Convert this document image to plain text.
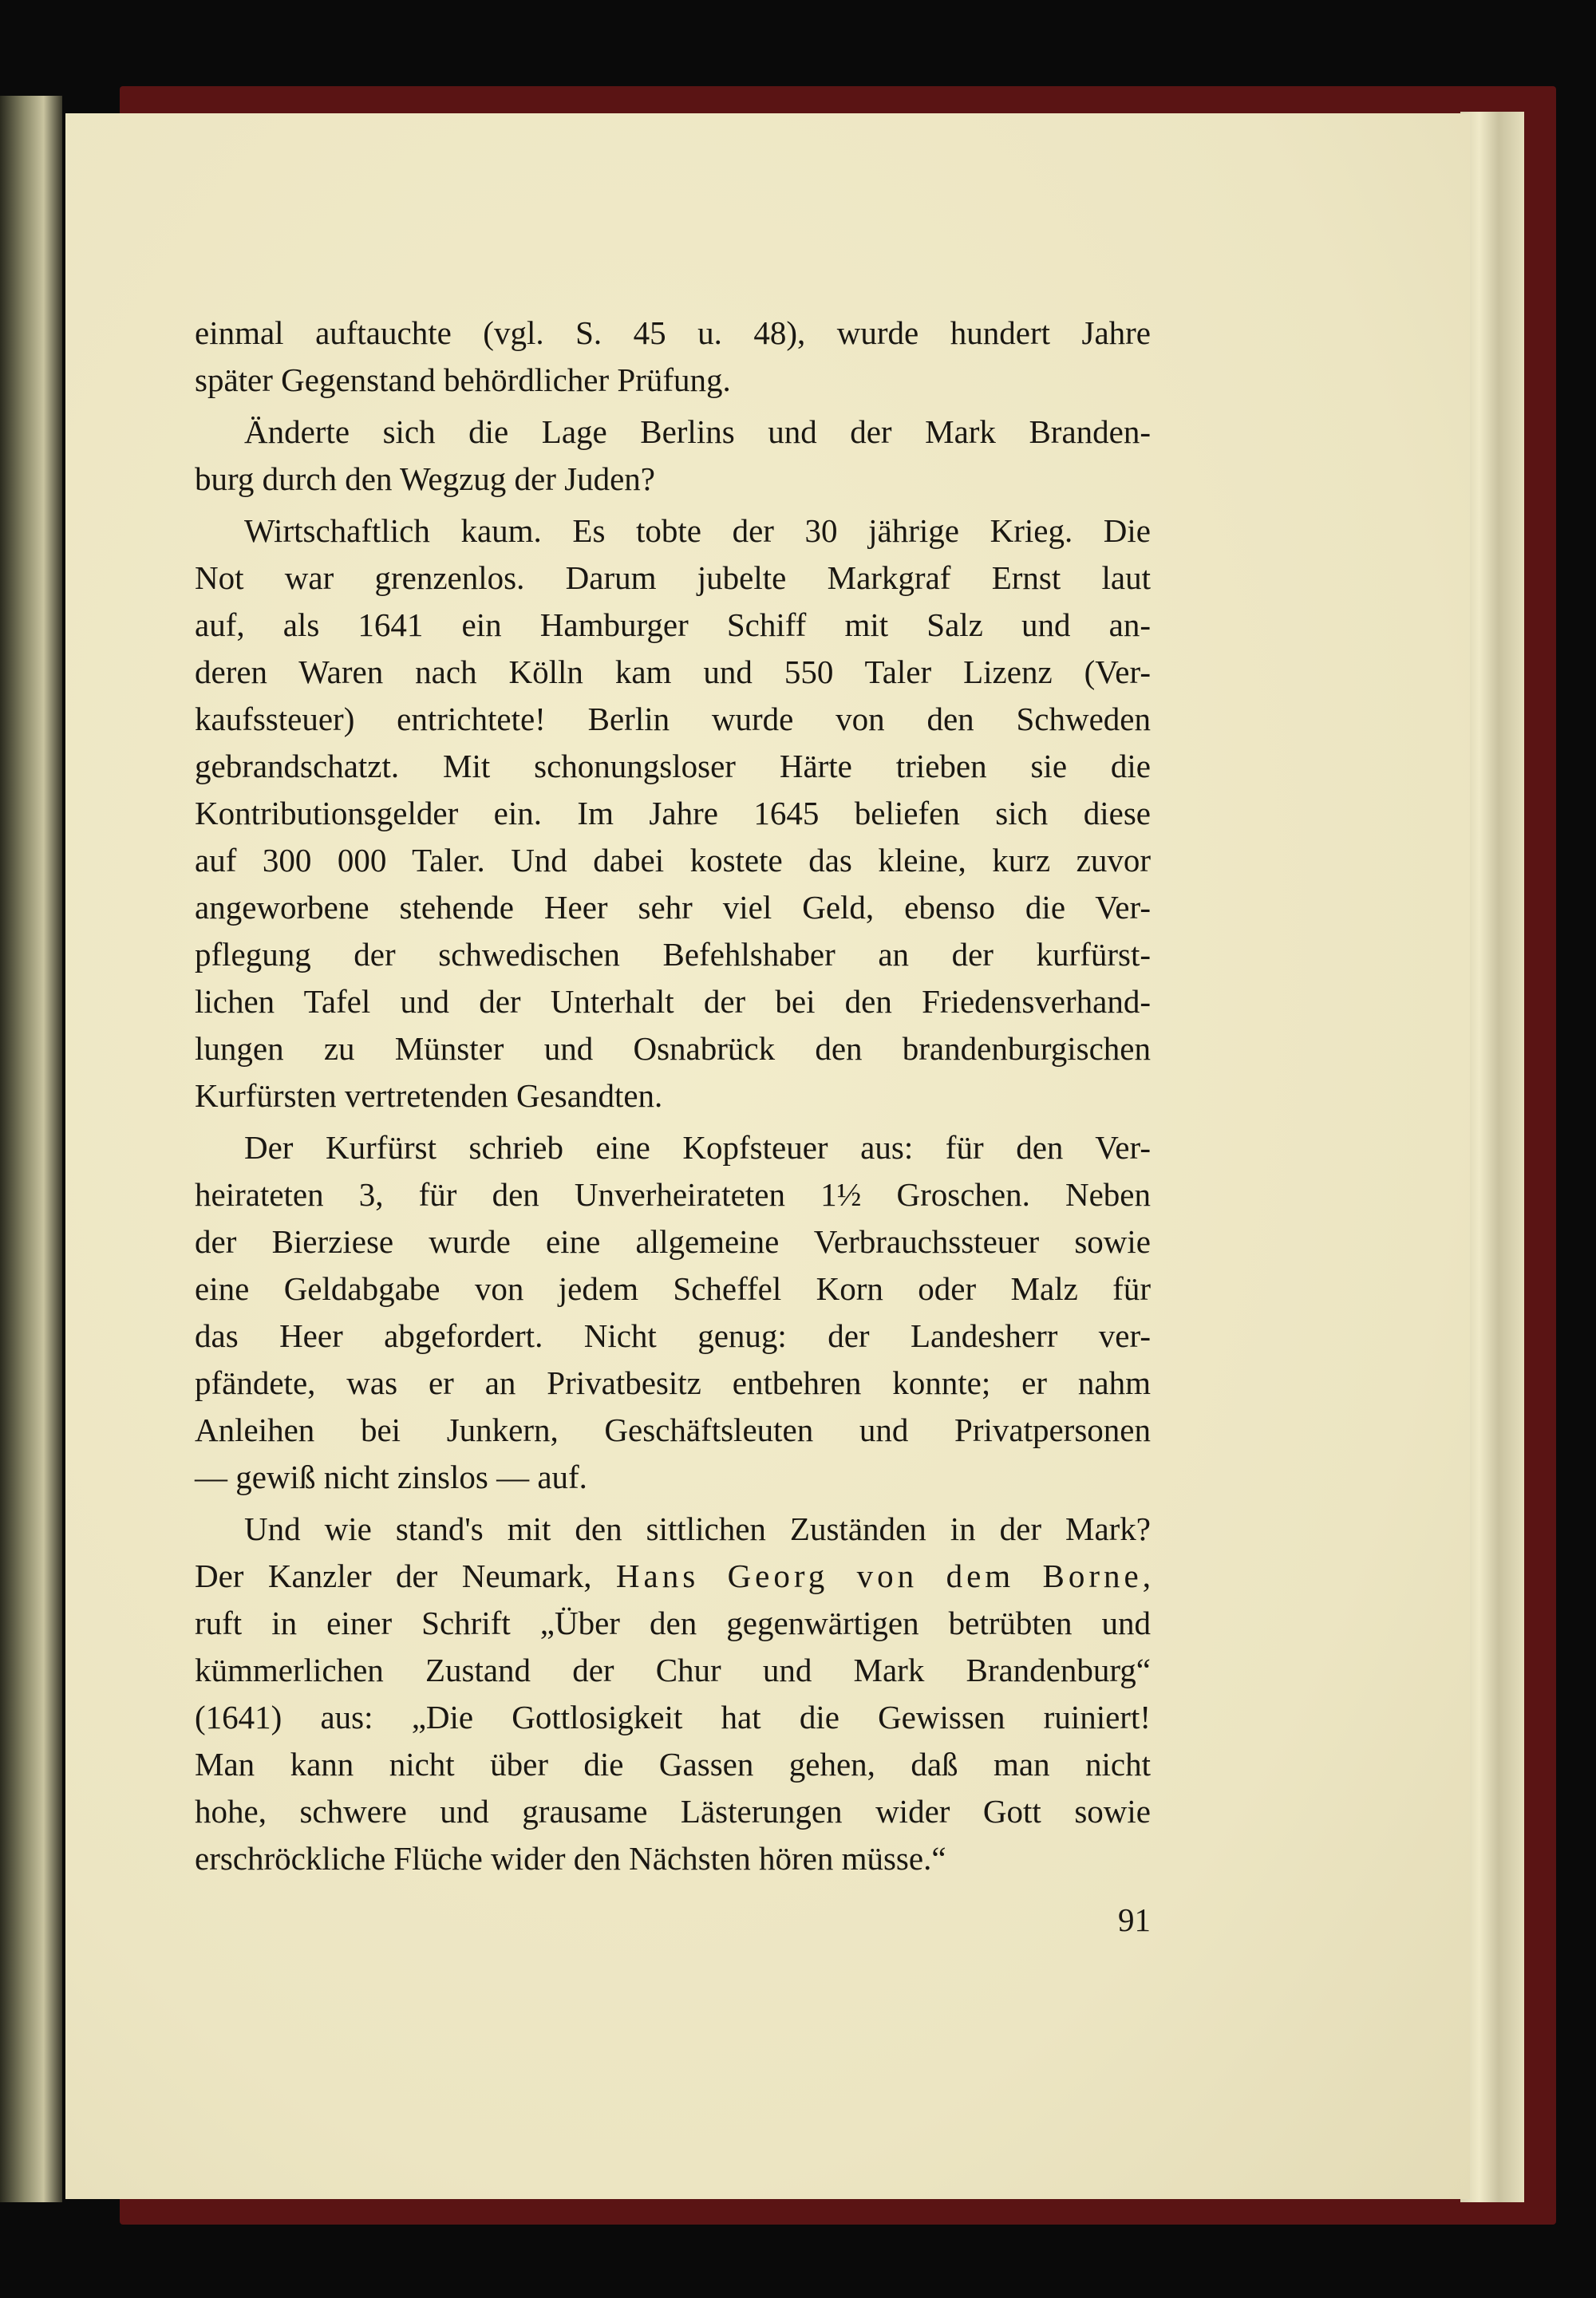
einmal auftauchte (vgl. S. 45 u. 48), wurde hundert Jahre
später Gegenstand behördlicher Prüfung.
Änderte sich die Lage Berlins und der Mark Branden-
burg durch den Wegzug der Juden?
Wirtschaftlich kaum. Es tobte der 30 jährige Krieg. Die
Not war grenzenlos. Darum jubelte Markgraf Ernst laut
auf, als 1641 ein Hamburger Schiff mit Salz und an-
deren Waren nach Kölln kam und 550 Taler Lizenz (Ver-
kaufssteuer) entrichtete! Berlin wurde von den Schweden
gebrandschatzt. Mit schonungsloser Härte trieben sie die
Kontributionsgelder ein. Im Jahre 1645 beliefen sich diese
auf 300 000 Taler. Und dabei kostete das kleine, kurz zuvor
angeworbene stehende Heer sehr viel Geld, ebenso die Ver-
pflegung der schwedischen Befehlshaber an der kurfürst-
lichen Tafel und der Unterhalt der bei den Friedensverhand-
lungen zu Münster und Osnabrück den brandenburgischen
Kurfürsten vertretenden Gesandten.
Der Kurfürst schrieb eine Kopfsteuer aus: für den Ver-
heirateten 3, für den Unverheirateten 1½ Groschen. Neben
der Bierziese wurde eine allgemeine Verbrauchssteuer sowie
eine Geldabgabe von jedem Scheffel Korn oder Malz für
das Heer abgefordert. Nicht genug: der Landesherr ver-
pfändete, was er an Privatbesitz entbehren konnte; er nahm
Anleihen bei Junkern, Geschäftsleuten und Privatpersonen
— gewiß nicht zinslos — auf.
Und wie stand's mit den sittlichen Zuständen in der Mark?
Der Kanzler der Neumark, Hans Georg von dem Borne,
ruft in einer Schrift „Über den gegenwärtigen betrübten und
kümmerlichen Zustand der Chur und Mark Brandenburg“
(1641) aus: „Die Gottlosigkeit hat die Gewissen ruiniert!
Man kann nicht über die Gassen gehen, daß man nicht
hohe, schwere und grausame Lästerungen wider Gott sowie
erschröckliche Flüche wider den Nächsten hören müsse.“
91
